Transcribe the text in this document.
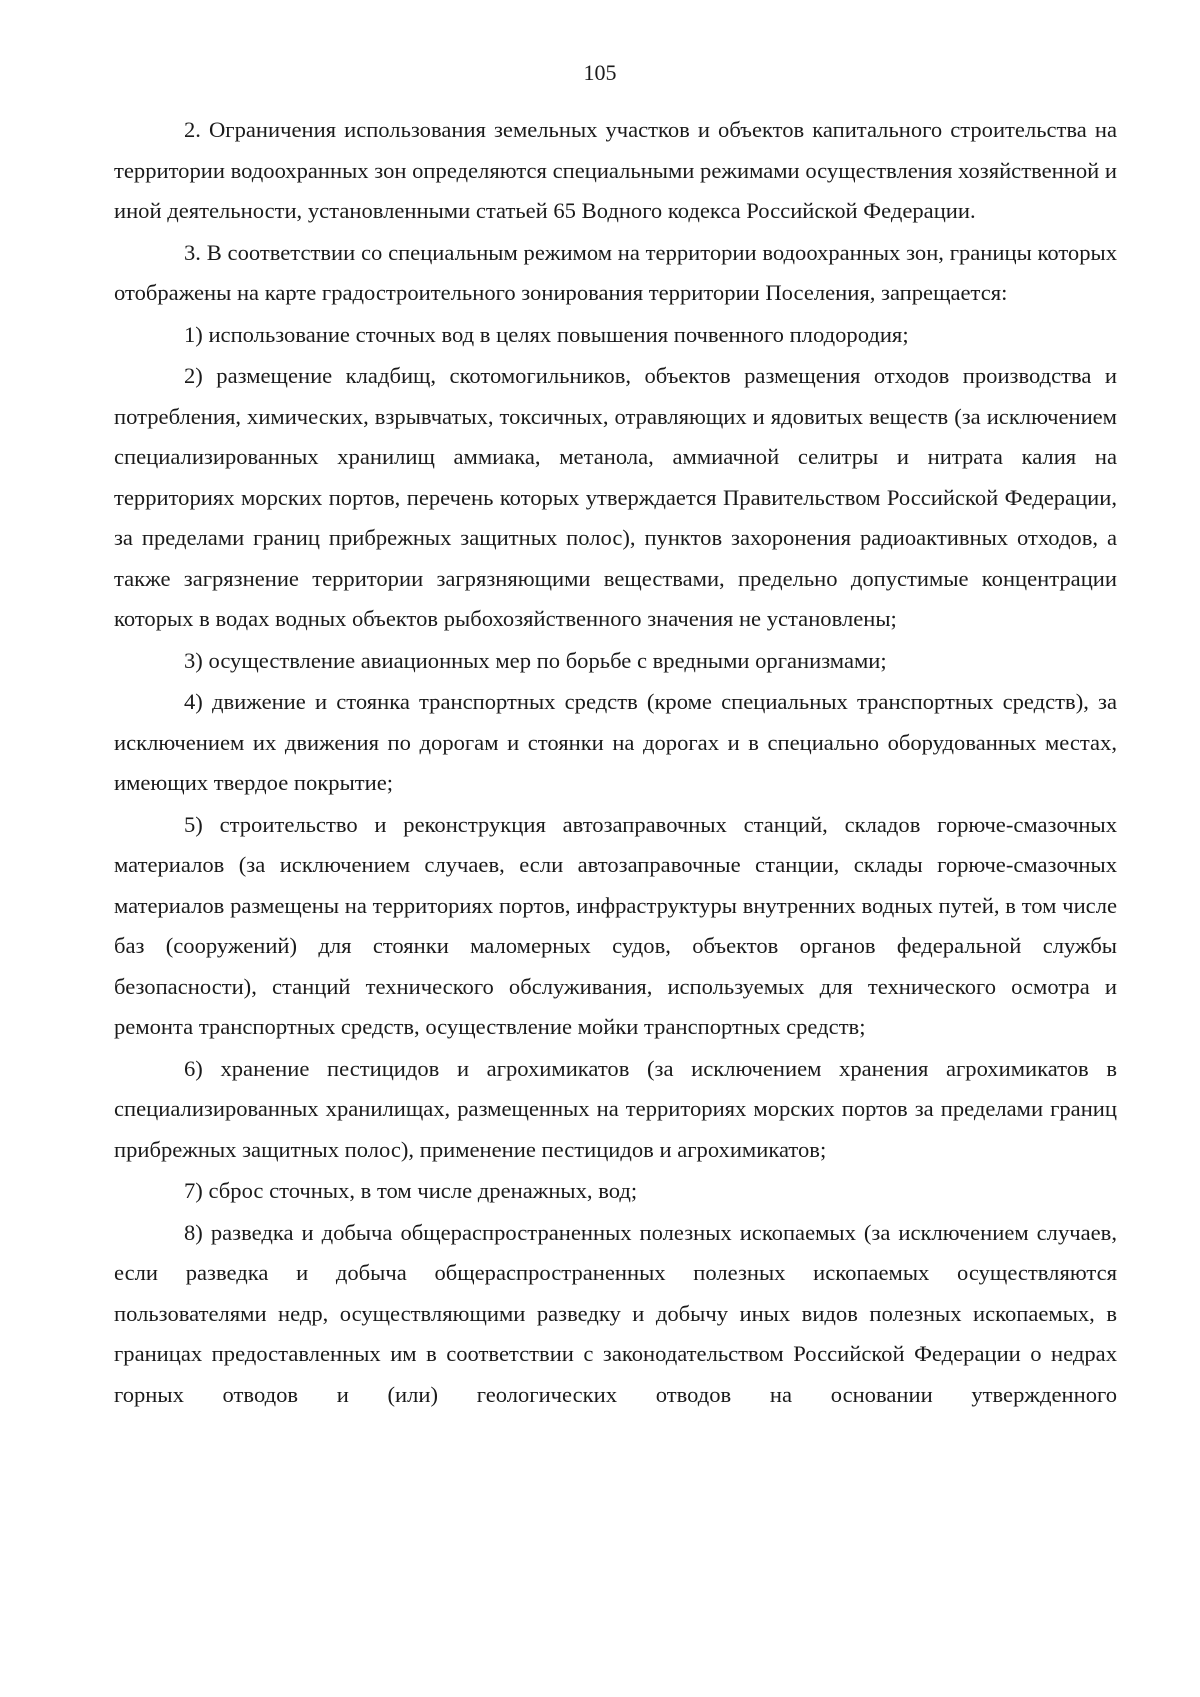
105

2. Ограничения использования земельных участков и объектов капитального строительства на территории водоохранных зон определяются специальными режимами осуществления хозяйственной и иной деятельности, установленными статьей 65 Водного кодекса Российской Федерации.

3. В соответствии со специальным режимом на территории водоохранных зон, границы которых отображены на карте градостроительного зонирования территории Поселения, запрещается:

1) использование сточных вод в целях повышения почвенного плодородия;

2) размещение кладбищ, скотомогильников, объектов размещения отходов производства и потребления, химических, взрывчатых, токсичных, отравляющих и ядовитых веществ (за исключением специализированных хранилищ аммиака, метанола, аммиачной селитры и нитрата калия на территориях морских портов, перечень которых утверждается Правительством Российской Федерации, за пределами границ прибрежных защитных полос), пунктов захоронения радиоактивных отходов, а также загрязнение территории загрязняющими веществами, предельно допустимые концентрации которых в водах водных объектов рыбохозяйственного значения не установлены;

3) осуществление авиационных мер по борьбе с вредными организмами;

4) движение и стоянка транспортных средств (кроме специальных транспортных средств), за исключением их движения по дорогам и стоянки на дорогах и в специально оборудованных местах, имеющих твердое покрытие;

5) строительство и реконструкция автозаправочных станций, складов горюче-смазочных материалов (за исключением случаев, если автозаправочные станции, склады горюче-смазочных материалов размещены на территориях портов, инфраструктуры внутренних водных путей, в том числе баз (сооружений) для стоянки маломерных судов, объектов органов федеральной службы безопасности), станций технического обслуживания, используемых для технического осмотра и ремонта транспортных средств, осуществление мойки транспортных средств;

6) хранение пестицидов и агрохимикатов (за исключением хранения агрохимикатов в специализированных хранилищах, размещенных на территориях морских портов за пределами границ прибрежных защитных полос), применение пестицидов и агрохимикатов;

7) сброс сточных, в том числе дренажных, вод;

8) разведка и добыча общераспространенных полезных ископаемых (за исключением случаев, если разведка и добыча общераспространенных полезных ископаемых осуществляются пользователями недр, осуществляющими разведку и добычу иных видов полезных ископаемых, в границах предоставленных им в соответствии с законодательством Российской Федерации о недрах горных отводов и (или) геологических отводов на основании утвержденного
